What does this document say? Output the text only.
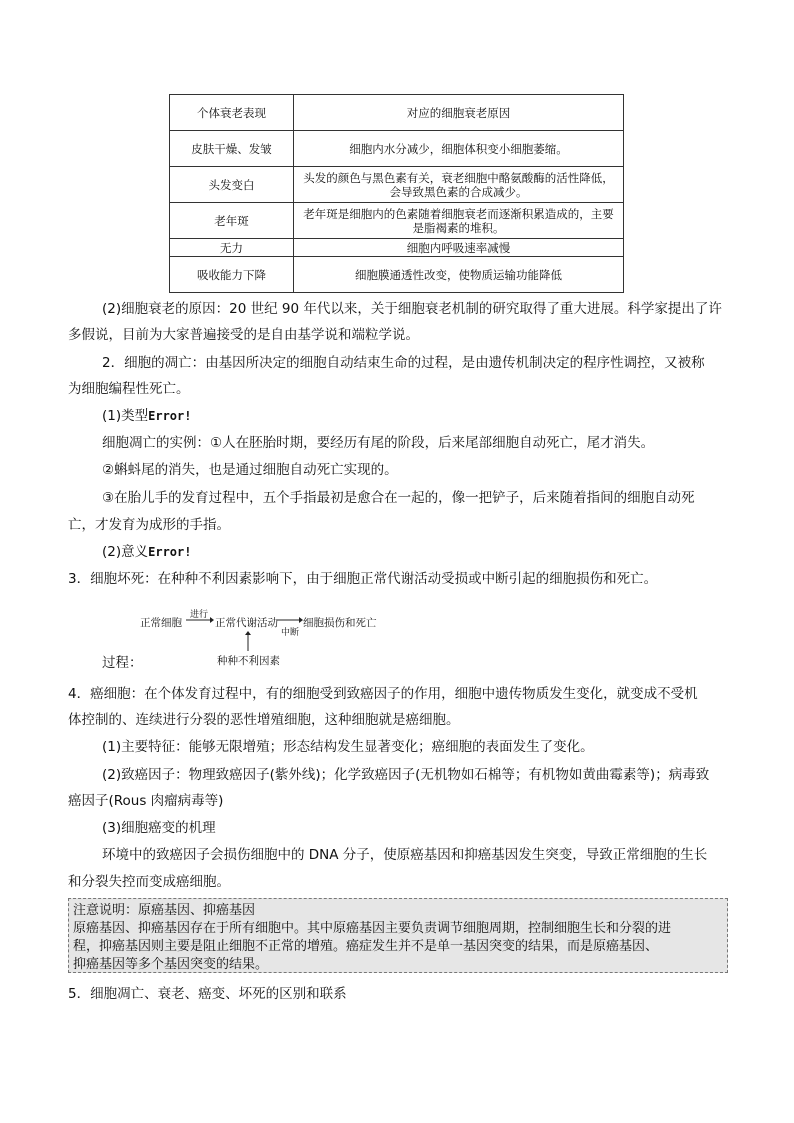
个体衰老表现	对应的细胞衰老原因
皮肤干燥、发皱	细胞内水分减少，细胞体积变小细胞萎缩。
头发变白	头发的颜色与黑色素有关，衰老细胞中酪氨酸酶的活性降低，会导致黑色素的合成减少。
老年斑	老年斑是细胞内的色素随着细胞衰老而逐渐积累造成的，主要是脂褐素的堆积。
无力	细胞内呼吸速率减慢
吸收能力下降	细胞膜通透性改变，使物质运输功能降低
(2)细胞衰老的原因：20 世纪 90 年代以来，关于细胞衰老机制的研究取得了重大进展。科学家提出了许
多假说，目前为大家普遍接受的是自由基学说和端粒学说。
2．细胞的凋亡：由基因所决定的细胞自动结束生命的过程，是由遗传机制决定的程序性调控，又被称
为细胞编程性死亡。
(1)类型Error!
细胞凋亡的实例：①人在胚胎时期，要经历有尾的阶段，后来尾部细胞自动死亡，尾才消失。
②蝌蚪尾的消失，也是通过细胞自动死亡实现的。
③在胎儿手的发育过程中，五个手指最初是愈合在一起的，像一把铲子，后来随着指间的细胞自动死
亡，才发育为成形的手指。
(2)意义Error!
3．细胞坏死：在种种不利因素影响下，由于细胞正常代谢活动受损或中断引起的细胞损伤和死亡。
正常细胞
进行
正常代谢活动
中断
细胞损伤和死亡
种种不利因素
过程：
4．癌细胞：在个体发育过程中，有的细胞受到致癌因子的作用，细胞中遗传物质发生变化，就变成不受机
体控制的、连续进行分裂的恶性增殖细胞，这种细胞就是癌细胞。
(1)主要特征：能够无限增殖；形态结构发生显著变化；癌细胞的表面发生了变化。
(2)致癌因子：物理致癌因子(紫外线)；化学致癌因子(无机物如石棉等；有机物如黄曲霉素等)；病毒致
癌因子(Rous 肉瘤病毒等)
(3)细胞癌变的机理
环境中的致癌因子会损伤细胞中的 DNA 分子，使原癌基因和抑癌基因发生突变，导致正常细胞的生长
和分裂失控而变成癌细胞。
注意说明：原癌基因、抑癌基因
原癌基因、抑癌基因存在于所有细胞中。其中原癌基因主要负责调节细胞周期，控制细胞生长和分裂的进
程，抑癌基因则主要是阻止细胞不正常的增殖。癌症发生并不是单一基因突变的结果，而是原癌基因、
抑癌基因等多个基因突变的结果。
5．细胞凋亡、衰老、癌变、坏死的区别和联系
